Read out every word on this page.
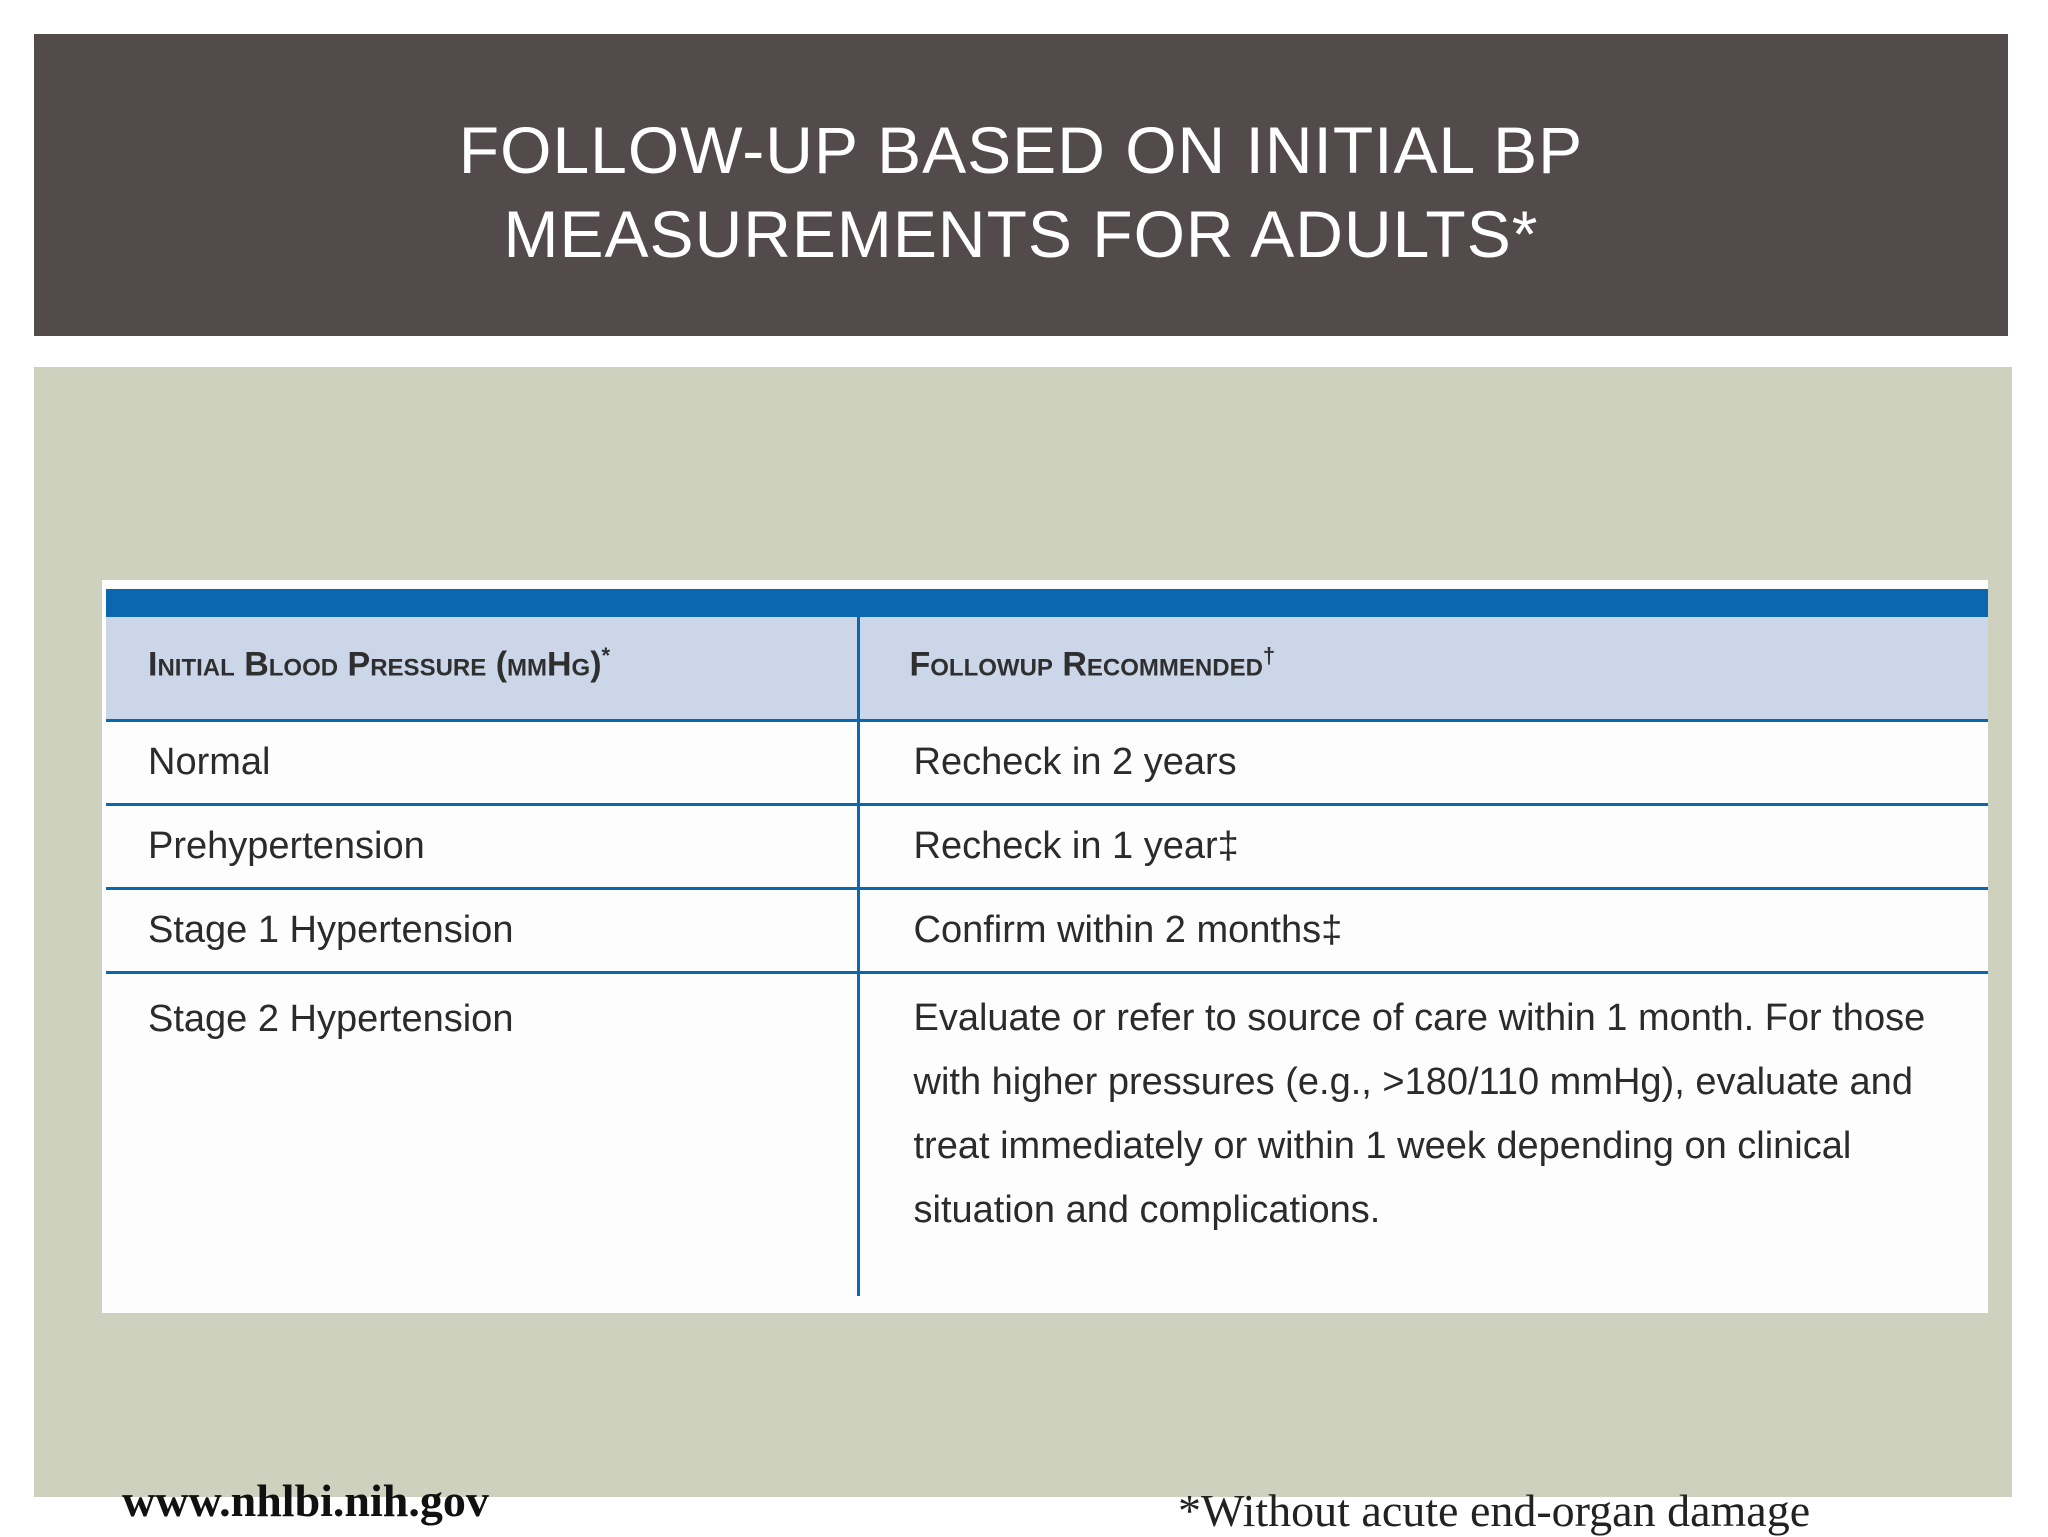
FOLLOW-UP BASED ON INITIAL BP
MEASUREMENTS FOR ADULTS*
Initial Blood Pressure (mmHg)*	Followup Recommended†
Normal	Recheck in 2 years
Prehypertension	Recheck in 1 year‡
Stage 1 Hypertension	Confirm within 2 months‡
Stage 2 Hypertension	Evaluate or refer to source of care within 1 month. For those with higher pressures (e.g., >180/110 mmHg), evaluate and treat immediately or within 1 week depending on clinical situation and complications.
www.nhlbi.nih.gov	*Without acute end-organ damage
